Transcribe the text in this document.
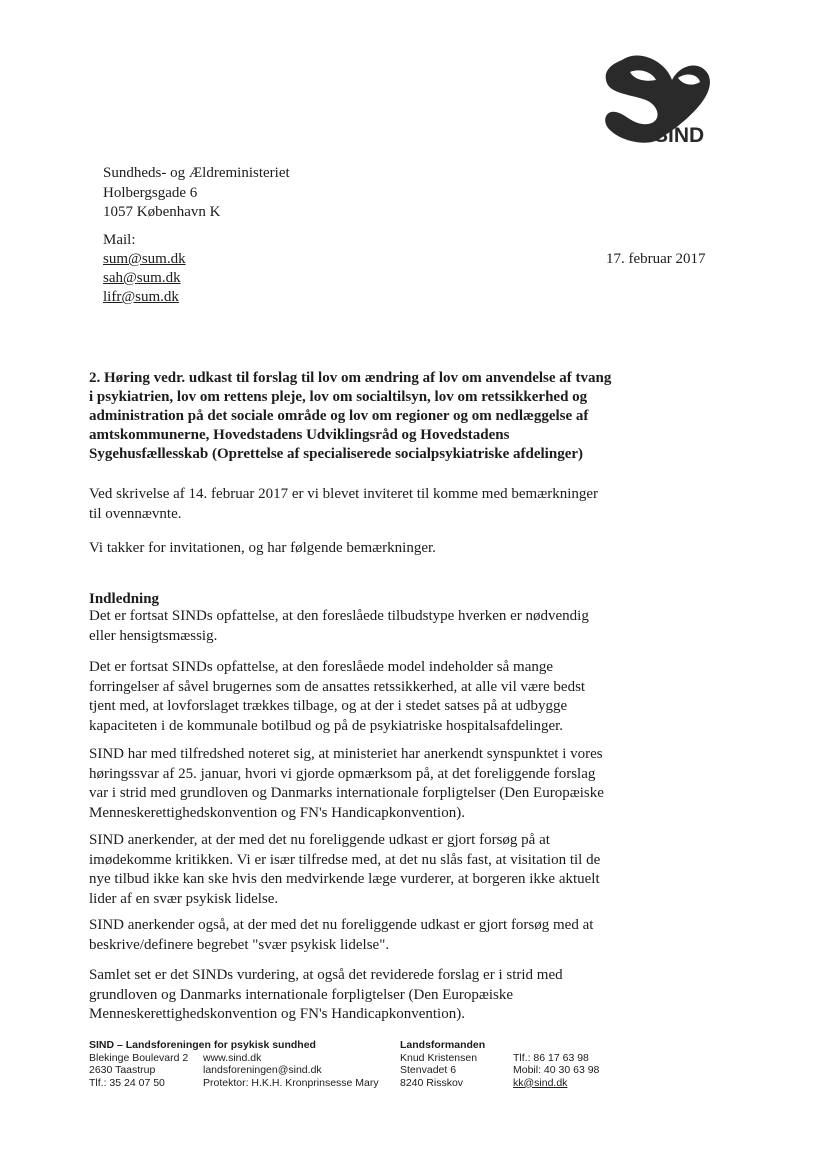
SIND
Sundheds- og Ældreministeriet
Holbergsgade 6
1057 København K
Mail:
sum@sum.dk
sah@sum.dk
lifr@sum.dk
17. februar 2017
2. Høring vedr. udkast til forslag til lov om ændring af lov om anvendelse af tvang i psykiatrien, lov om rettens pleje, lov om socialtilsyn, lov om retssikkerhed og administration på det sociale område og lov om regioner og om nedlæggelse af amtskommunerne, Hovedstadens Udviklingsråd og Hovedstadens Sygehusfællesskab (Oprettelse af specialiserede socialpsykiatriske afdelinger)
Ved skrivelse af 14. februar 2017 er vi blevet inviteret til komme med bemærkninger til ovennævnte.
Vi takker for invitationen, og har følgende bemærkninger.
Indledning
Det er fortsat SINDs opfattelse, at den foreslåede tilbudstype hverken er nødvendig eller hensigtsmæssig.
Det er fortsat SINDs opfattelse, at den foreslåede model indeholder så mange forringelser af såvel brugernes som de ansattes retssikkerhed, at alle vil være bedst tjent med, at lovforslaget trækkes tilbage, og at der i stedet satses på at udbygge kapaciteten i de kommunale botilbud og på de psykiatriske hospitalsafdelinger.
SIND har med tilfredshed noteret sig, at ministeriet har anerkendt synspunktet i vores høringssvar af 25. januar, hvori vi gjorde opmærksom på, at det foreliggende forslag var i strid med grundloven og Danmarks internationale forpligtelser (Den Europæiske Menneskerettighedskonvention og FN's Handicapkonvention).
SIND anerkender, at der med det nu foreliggende udkast er gjort forsøg på at imødekomme kritikken. Vi er især tilfredse med, at det nu slås fast, at visitation til de nye tilbud ikke kan ske hvis den medvirkende læge vurderer, at borgeren ikke aktuelt lider af en svær psykisk lidelse.
SIND anerkender også, at der med det nu foreliggende udkast er gjort forsøg med at beskrive/definere begrebet "svær psykisk lidelse".
Samlet set er det SINDs vurdering, at også det reviderede forslag er i strid med grundloven og Danmarks internationale forpligtelser (Den Europæiske Menneskerettighedskonvention og FN's Handicapkonvention).
SIND – Landsforeningen for psykisk sundhed
Blekinge Boulevard 2
2630 Taastrup
Tlf.: 35 24 07 50
www.sind.dk
landsforeningen@sind.dk
Protektor: H.K.H. Kronprinsesse Mary
Landsformanden
Knud Kristensen
Stenvadet 6
8240 Risskov
Tlf.: 86 17 63 98
Mobil: 40 30 63 98
kk@sind.dk
